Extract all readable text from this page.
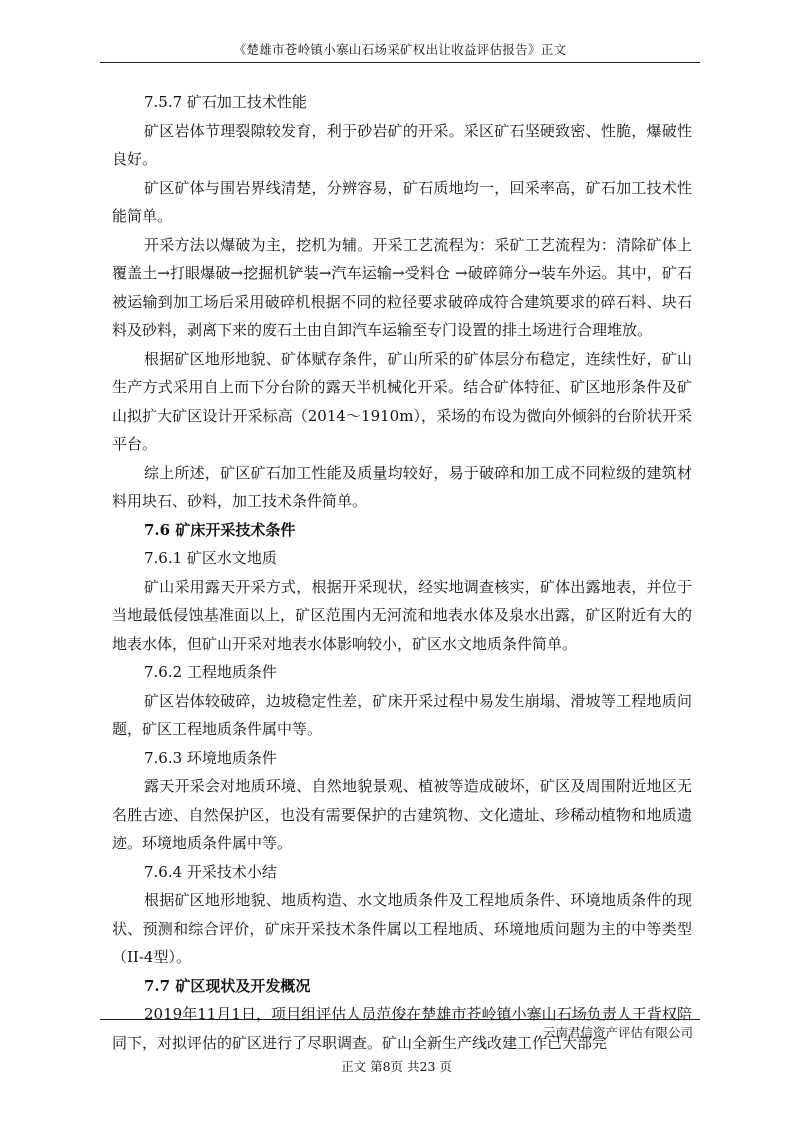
《楚雄市苍岭镇小寨山石场采矿权出让收益评估报告》正文
7.5.7 矿石加工技术性能

矿区岩体节理裂隙较发育，利于砂岩矿的开采。采区矿石坚硬致密、性脆，爆破性良好。

矿区矿体与围岩界线清楚，分辨容易，矿石质地均一，回采率高，矿石加工技术性能简单。

开采方法以爆破为主，挖机为辅。开采工艺流程为：采矿工艺流程为：清除矿体上覆盖土→打眼爆破→挖掘机铲装→汽车运输→受料仓 →破碎筛分→装车外运。其中，矿石被运输到加工场后采用破碎机根据不同的粒径要求破碎成符合建筑要求的碎石料、块石料及砂料，剥离下来的废石土由自卸汽车运输至专门设置的排土场进行合理堆放。

根据矿区地形地貌、矿体赋存条件，矿山所采的矿体层分布稳定，连续性好，矿山生产方式采用自上而下分台阶的露天半机械化开采。结合矿体特征、矿区地形条件及矿山拟扩大矿区设计开采标高（2014～1910m），采场的布设为微向外倾斜的台阶状开采平台。

综上所述，矿区矿石加工性能及质量均较好，易于破碎和加工成不同粒级的建筑材料用块石、砂料，加工技术条件简单。

7.6 矿床开采技术条件
7.6.1 矿区水文地质

矿山采用露天开采方式，根据开采现状，经实地调查核实，矿体出露地表，并位于当地最低侵蚀基准面以上，矿区范围内无河流和地表水体及泉水出露，矿区附近有大的地表水体，但矿山开采对地表水体影响较小，矿区水文地质条件简单。

7.6.2 工程地质条件

矿区岩体较破碎，边坡稳定性差，矿床开采过程中易发生崩塌、滑坡等工程地质问题，矿区工程地质条件属中等。

7.6.3 环境地质条件

露天开采会对地质环境、自然地貌景观、植被等造成破坏，矿区及周围附近地区无名胜古迹、自然保护区，也没有需要保护的古建筑物、文化遗址、珍稀动植物和地质遗迹。环境地质条件属中等。

7.6.4 开采技术小结

根据矿区地形地貌、地质构造、水文地质条件及工程地质条件、环境地质条件的现状、预测和综合评价，矿床开采技术条件属以工程地质、环境地质问题为主的中等类型（II-4型）。

7.7 矿区现状及开发概况

2019年11月1日，项目组评估人员范俊在楚雄市苍岭镇小寨山石场负责人王背权陪同下，对拟评估的矿区进行了尽职调查。矿山全新生产线改建工作已大部完

云南君信资产评估有限公司
正文 第8页 共23 页
